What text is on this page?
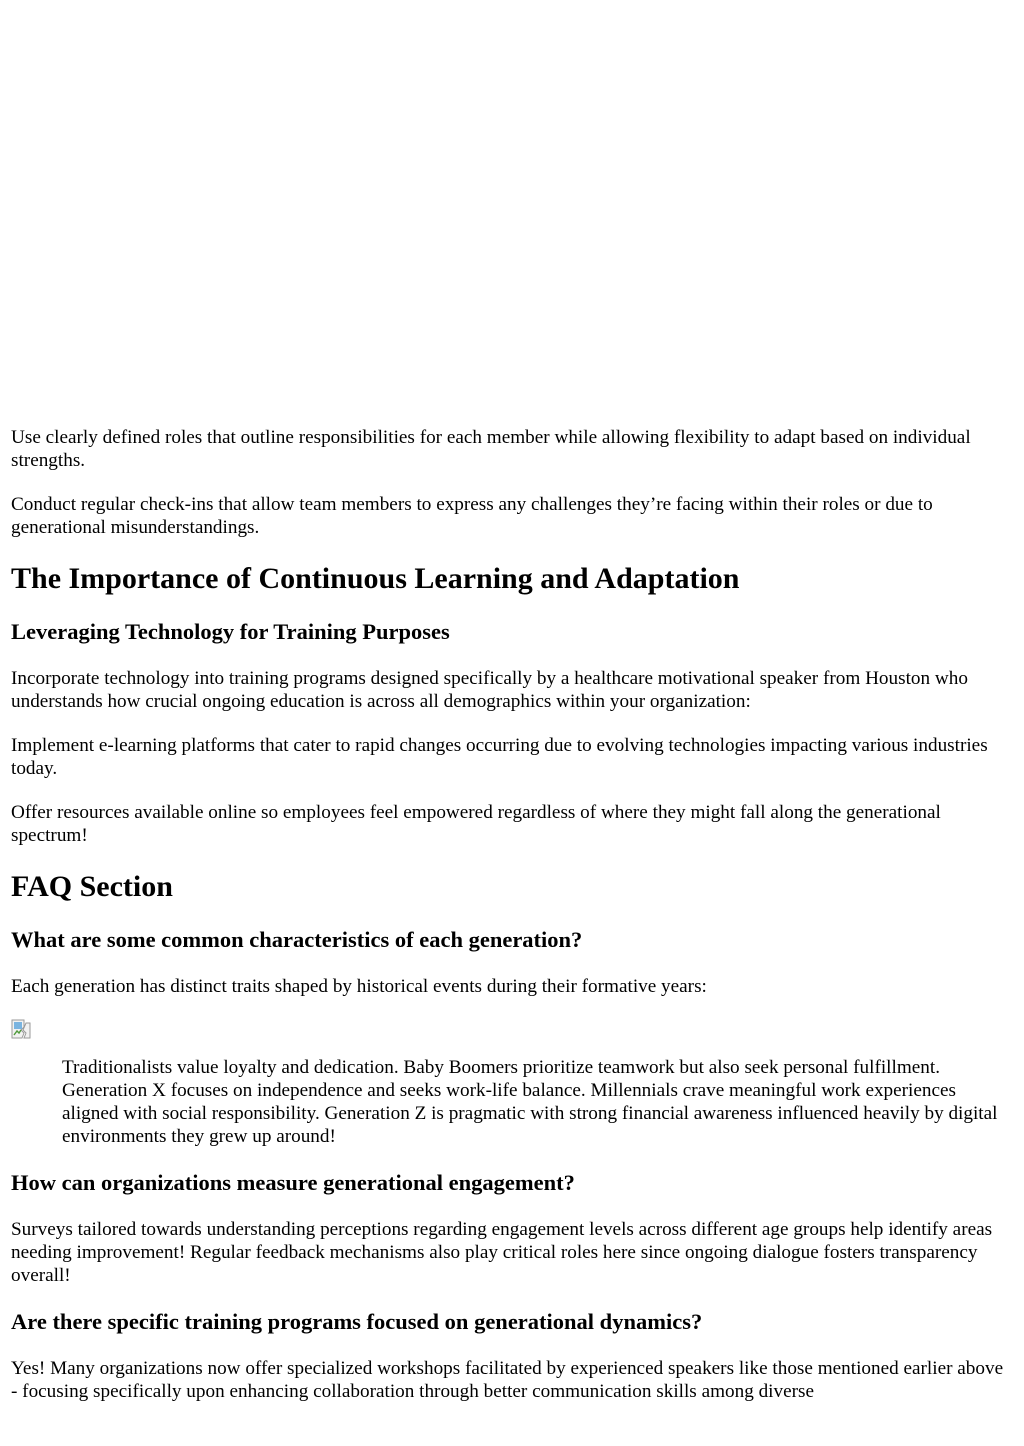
Use clearly defined roles that outline responsibilities for each member while allowing flexibility to adapt based on individual strengths.

Conduct regular check-ins that allow team members to express any challenges they’re facing within their roles or due to generational misunderstandings.

The Importance of Continuous Learning and Adaptation
Leveraging Technology for Training Purposes

Incorporate technology into training programs designed specifically by a healthcare motivational speaker from Houston who understands how crucial ongoing education is across all demographics within your organization:

Implement e-learning platforms that cater to rapid changes occurring due to evolving technologies impacting various industries today.

Offer resources available online so employees feel empowered regardless of where they might fall along the generational spectrum!

FAQ Section
What are some common characteristics of each generation?

Each generation has distinct traits shaped by historical events during their formative years:

Traditionalists value loyalty and dedication. Baby Boomers prioritize teamwork but also seek personal fulfillment. Generation X focuses on independence and seeks work-life balance. Millennials crave meaningful work experiences aligned with social responsibility. Generation Z is pragmatic with strong financial awareness influenced heavily by digital environments they grew up around!
How can organizations measure generational engagement?

Surveys tailored towards understanding perceptions regarding engagement levels across different age groups help identify areas needing improvement! Regular feedback mechanisms also play critical roles here since ongoing dialogue fosters transparency overall!

Are there specific training programs focused on generational dynamics?

Yes! Many organizations now offer specialized workshops facilitated by experienced speakers like those mentioned earlier above - focusing specifically upon enhancing collaboration through better communication skills among diverse
